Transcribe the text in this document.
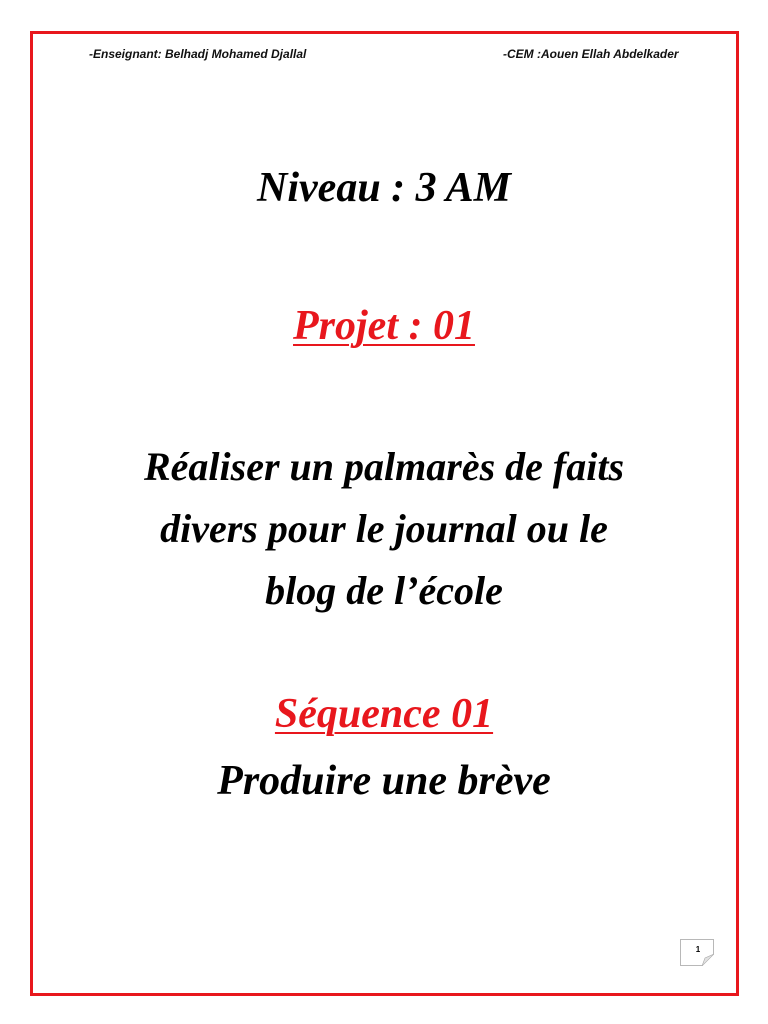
-Enseignant: Belhadj Mohamed Djallal	-CEM :Aouen Ellah Abdelkader
Niveau : 3 AM
Projet : 01
Réaliser un palmarès de faits
divers pour le journal ou le
blog de l’école
Séquence 01
Produire une brève
1
